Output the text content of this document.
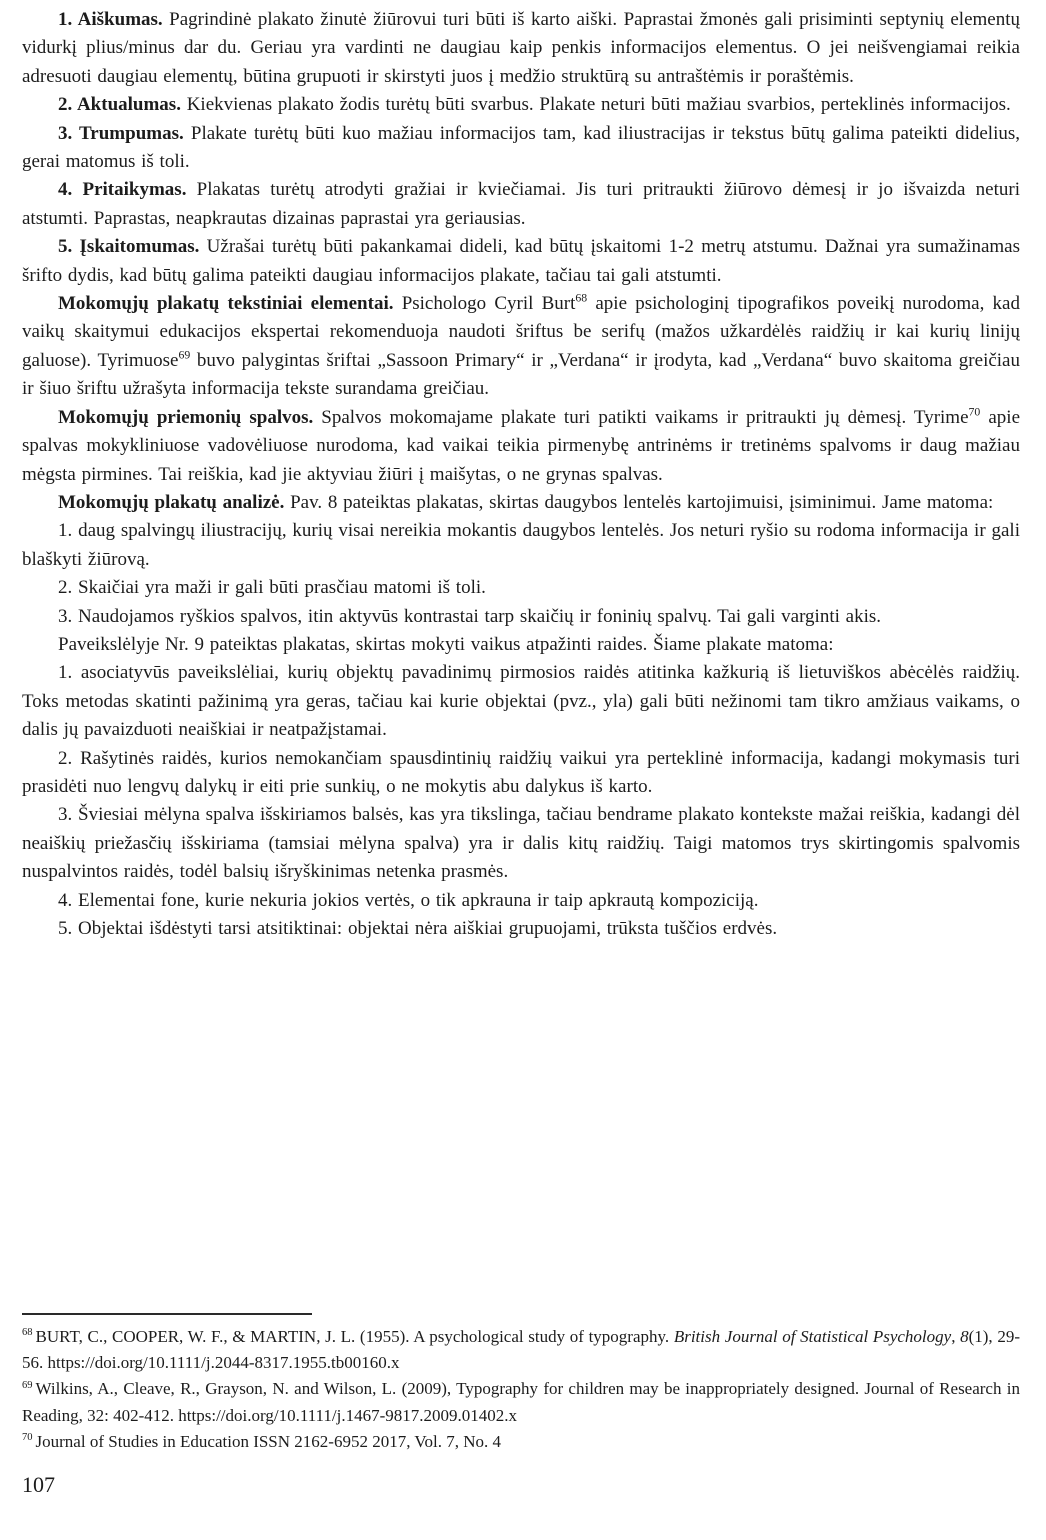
1. Aiškumas. Pagrindinė plakato žinutė žiūrovui turi būti iš karto aiški. Paprastai žmonės gali prisiminti septynių elementų vidurkį plius/minus dar du. Geriau yra vardinti ne daugiau kaip penkis informacijos elementus. O jei neišvengiamai reikia adresuoti daugiau elementų, būtina grupuoti ir skirstyti juos į medžio struktūrą su antraštėmis ir poraštėmis.

2. Aktualumas. Kiekvienas plakato žodis turėtų būti svarbus. Plakate neturi būti mažiau svarbios, perteklinės informacijos.

3. Trumpumas. Plakate turėtų būti kuo mažiau informacijos tam, kad iliustracijas ir tekstus būtų galima pateikti didelius, gerai matomus iš toli.

4. Pritaikymas. Plakatas turėtų atrodyti gražiai ir kviečiamai. Jis turi pritraukti žiūrovo dėmesį ir jo išvaizda neturi atstumti. Paprastas, neapkrautas dizainas paprastai yra geriausias.

5. Įskaitomumas. Užrašai turėtų būti pakankamai dideli, kad būtų įskaitomi 1-2 metrų atstumu. Dažnai yra sumažinamas šrifto dydis, kad būtų galima pateikti daugiau informacijos plakate, tačiau tai gali atstumti.

Mokomųjų plakatų tekstiniai elementai. Psichologo Cyril Burt$^{68}$ apie psichologinį tipografikos poveikį nurodoma, kad vaikų skaitymui edukacijos ekspertai rekomenduoja naudoti šriftus be serifų (mažos užkardėlės raidžių ir kai kurių linijų galuose). Tyrimuose$^{69}$ buvo palygintas šriftai „Sassoon Primary“ ir „Verdana“ ir įrodyta, kad „Verdana“ buvo skaitoma greičiau ir šiuo šriftu užrašyta informacija tekste surandama greičiau.

Mokomųjų priemonių spalvos. Spalvos mokomajame plakate turi patikti vaikams ir pritraukti jų dėmesį. Tyrime$^{70}$ apie spalvas mokykliniuose vadovėliuose nurodoma, kad vaikai teikia pirmenybę antrinėms ir tretinėms spalvoms ir daug mažiau mėgsta pirmines. Tai reiškia, kad jie aktyviau žiūri į maišytas, o ne grynas spalvas.

Mokomųjų plakatų analizė. Pav. 8 pateiktas plakatas, skirtas daugybos lentelės kartojimuisi, įsiminimui. Jame matoma:

1. daug spalvingų iliustracijų, kurių visai nereikia mokantis daugybos lentelės. Jos neturi ryšio su rodoma informacija ir gali blaškyti žiūrovą.

2. Skaičiai yra maži ir gali būti prasčiau matomi iš toli.

3. Naudojamos ryškios spalvos, itin aktyvūs kontrastai tarp skaičių ir foninių spalvų. Tai gali varginti akis.

Paveikslėlyje Nr. 9 pateiktas plakatas, skirtas mokyti vaikus atpažinti raides. Šiame plakate matoma:

1. asociatyvūs paveikslėliai, kurių objektų pavadinimų pirmosios raidės atitinka kažkurią iš lietuviškos abėcėlės raidžių. Toks metodas skatinti pažinimą yra geras, tačiau kai kurie objektai (pvz., yla) gali būti nežinomi tam tikro amžiaus vaikams, o dalis jų pavaizduoti neaiškiai ir neatpažįstamai.

2. Rašytinės raidės, kurios nemokančiam spausdintinių raidžių vaikui yra perteklinė informacija, kadangi mokymasis turi prasidėti nuo lengvų dalykų ir eiti prie sunkių, o ne mokytis abu dalykus iš karto.

3. Šviesiai mėlyna spalva išskiriamos balsės, kas yra tikslinga, tačiau bendrame plakato kontekste mažai reiškia, kadangi dėl neaiškių priežasčių išskiriama (tamsiai mėlyna spalva) yra ir dalis kitų raidžių. Taigi matomos trys skirtingomis spalvomis nuspalvintos raidės, todėl balsių išryškinimas netenka prasmės.

4. Elementai fone, kurie nekuria jokios vertės, o tik apkrauna ir taip apkrautą kompoziciją.

5. Objektai išdėstyti tarsi atsitiktinai: objektai nėra aiškiai grupuojami, trūksta tuščios erdvės.

$^{68}$ BURT, C., COOPER, W. F., & MARTIN, J. L. (1955). A psychological study of typography. British Journal of Statistical Psychology, 8(1), 29-56. https://doi.org/10.1111/j.2044-8317.1955.tb00160.x

$^{69}$ Wilkins, A., Cleave, R., Grayson, N. and Wilson, L. (2009), Typography for children may be inappropriately designed. Journal of Research in Reading, 32: 402-412. https://doi.org/10.1111/j.1467-9817.2009.01402.x

$^{70}$ Journal of Studies in Education ISSN 2162-6952 2017, Vol. 7, No. 4

107
